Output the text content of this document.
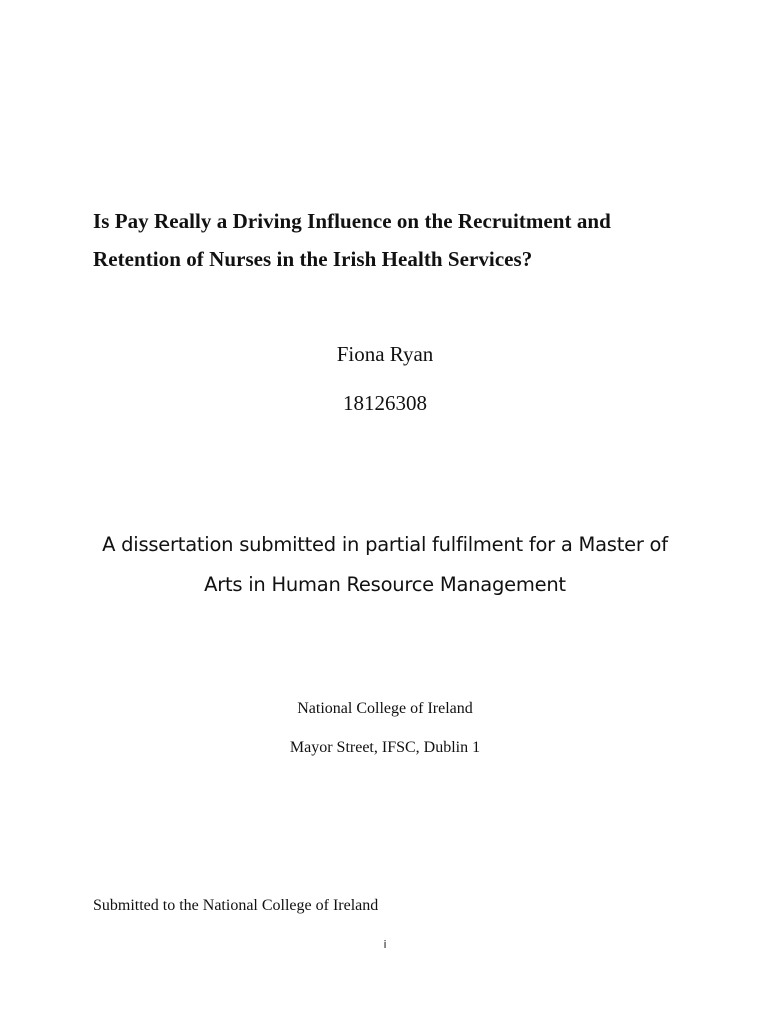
Is Pay Really a Driving Influence on the Recruitment and
Retention of Nurses in the Irish Health Services?
Fiona Ryan
18126308
A dissertation submitted in partial fulfilment for a Master of
Arts in Human Resource Management
National College of Ireland
Mayor Street, IFSC, Dublin 1
Submitted to the National College of Ireland
i
